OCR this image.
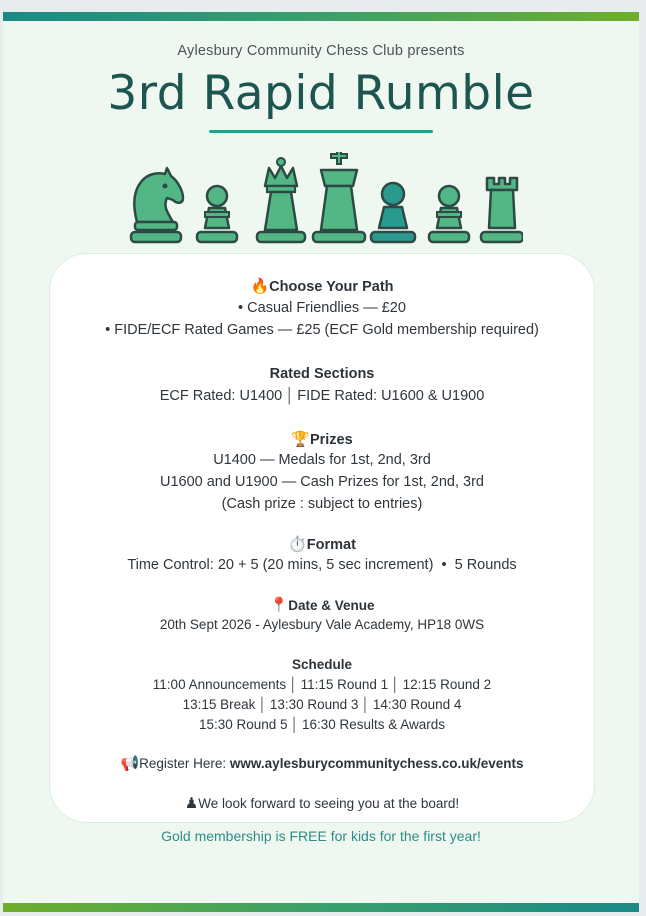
Aylesbury Community Chess Club presents
3rd Rapid Rumble
🔥Choose Your Path
• Casual Friendlies — £20
• FIDE/ECF Rated Games — £25 (ECF Gold membership required)
Rated Sections
ECF Rated: U1400 │ FIDE Rated: U1600 & U1900
🏆Prizes
U1400 — Medals for 1st, 2nd, 3rd
U1600 and U1900 — Cash Prizes for 1st, 2nd, 3rd
(Cash prize : subject to entries)
⏱️Format
Time Control: 20 + 5 (20 mins, 5 sec increment) • 5 Rounds
📍Date & Venue
20th Sept 2026 - Aylesbury Vale Academy, HP18 0WS
Schedule
11:00 Announcements │ 11:15 Round 1 │ 12:15 Round 2
13:15 Break │ 13:30 Round 3 │ 14:30 Round 4
15:30 Round 5 │ 16:30 Results & Awards
📢Register Here: www.aylesburycommunitychess.co.uk/events
♟We look forward to seeing you at the board!
Gold membership is FREE for kids for the first year!
